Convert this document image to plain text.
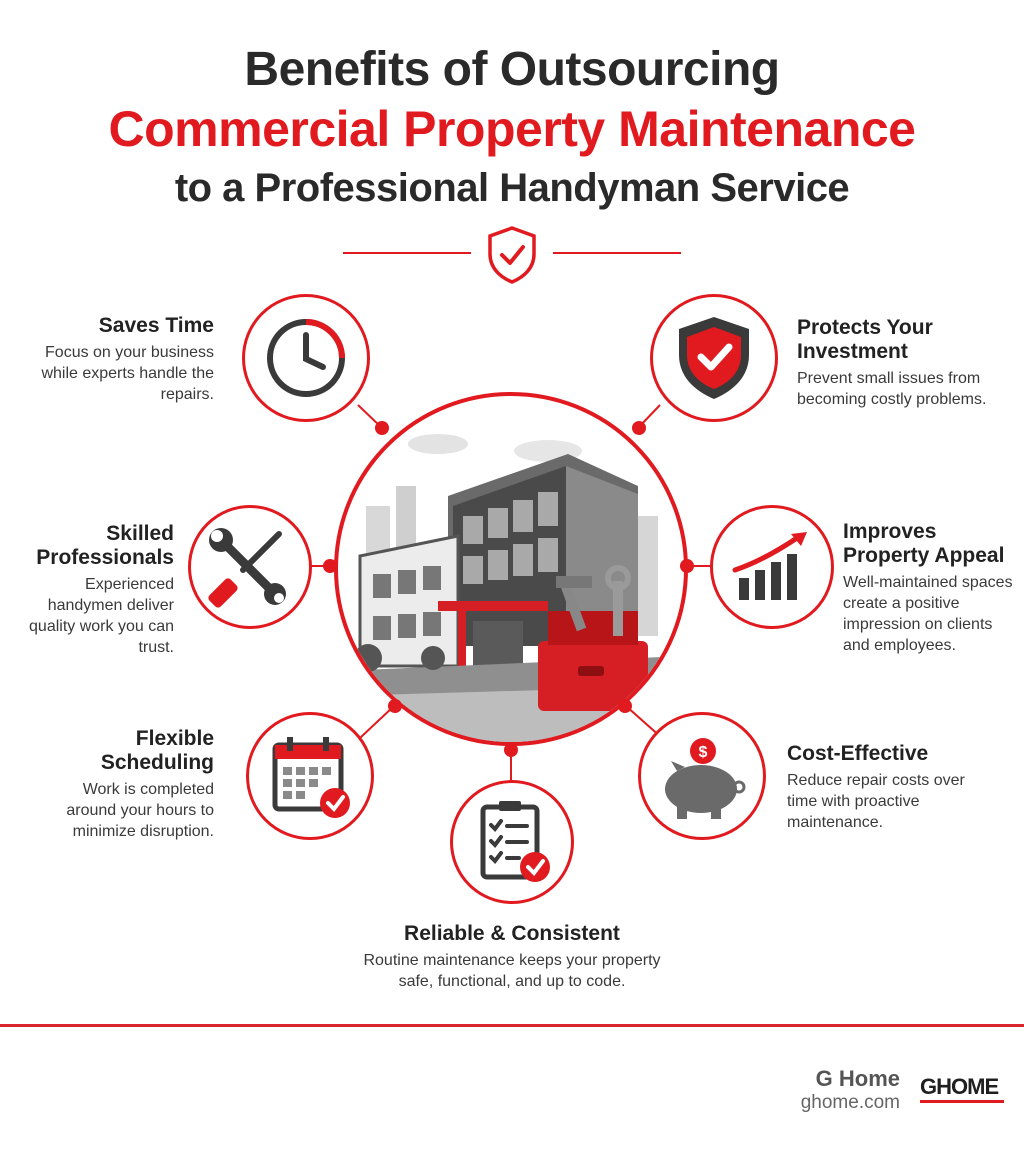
Benefits of Outsourcing
Commercial Property Maintenance
to a Professional Handyman Service
Saves Time
Focus on your business while experts handle the repairs.
Protects Your Investment
Prevent small issues from becoming costly problems.
Skilled Professionals
Experienced handymen deliver quality work you can trust.
Improves Property Appeal
Well-maintained spaces create a positive impression on clients and employees.
Flexible Scheduling
Work is completed around your hours to minimize disruption.
$	Cost-Effective
Reduce repair costs over time with proactive maintenance.
Reliable & Consistent
Routine maintenance keeps your property safe, functional, and up to code.
G Home
ghome.com
GHOME
